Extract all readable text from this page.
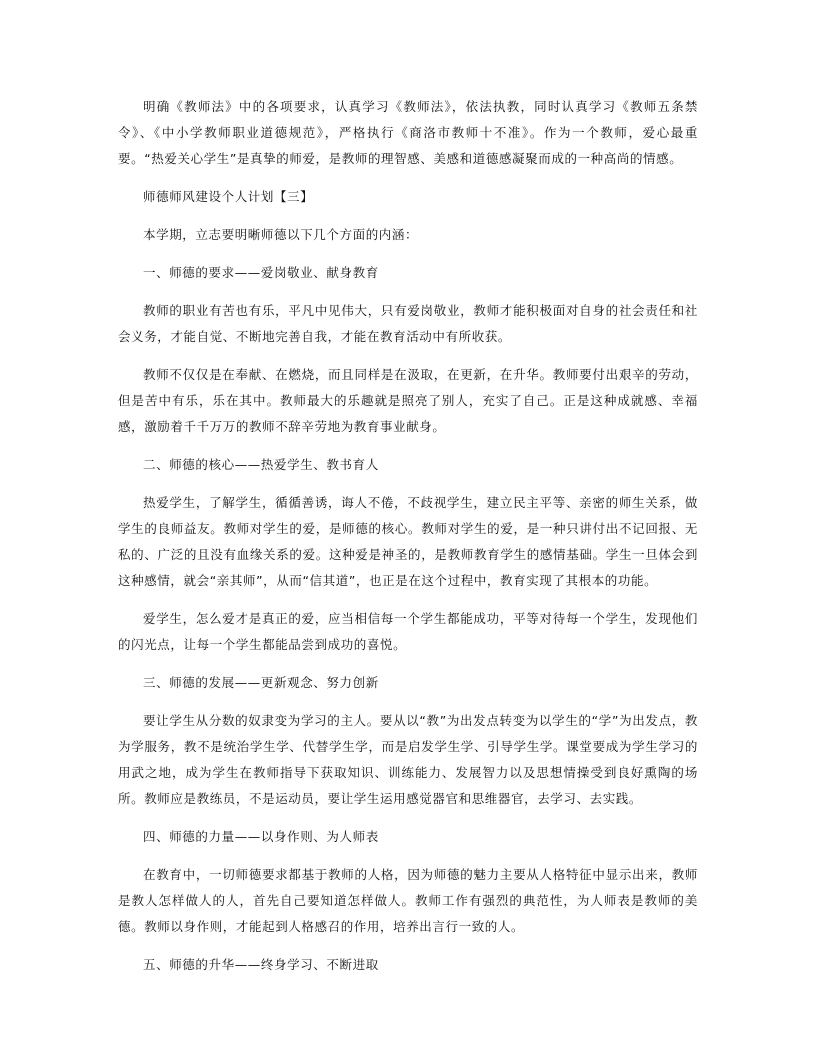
明确《教师法》中的各项要求，认真学习《教师法》，依法执教，同时认真学习《教师五条禁令》、《中小学教师职业道德规范》，严格执行《商洛市教师十不准》。作为一个教师，爱心最重要。“热爱关心学生”是真挚的师爱，是教师的理智感、美感和道德感凝聚而成的一种高尚的情感。

师德师风建设个人计划【三】

本学期，立志要明晰师德以下几个方面的内涵：

一、师德的要求——爱岗敬业、献身教育

教师的职业有苦也有乐，平凡中见伟大，只有爱岗敬业，教师才能积极面对自身的社会责任和社会义务，才能自觉、不断地完善自我，才能在教育活动中有所收获。

教师不仅仅是在奉献、在燃烧，而且同样是在汲取，在更新，在升华。教师要付出艰辛的劳动，但是苦中有乐，乐在其中。教师最大的乐趣就是照亮了别人，充实了自己。正是这种成就感、幸福感，激励着千千万万的教师不辞辛劳地为教育事业献身。

二、师德的核心——热爱学生、教书育人

热爱学生，了解学生，循循善诱，诲人不倦，不歧视学生，建立民主平等、亲密的师生关系，做学生的良师益友。教师对学生的爱，是师德的核心。教师对学生的爱，是一种只讲付出不记回报、无私的、广泛的且没有血缘关系的爱。这种爱是神圣的，是教师教育学生的感情基础。学生一旦体会到这种感情，就会“亲其师”，从而“信其道”，也正是在这个过程中，教育实现了其根本的功能。

爱学生，怎么爱才是真正的爱，应当相信每一个学生都能成功，平等对待每一个学生，发现他们的闪光点，让每一个学生都能品尝到成功的喜悦。

三、师德的发展——更新观念、努力创新

要让学生从分数的奴隶变为学习的主人。要从以“教”为出发点转变为以学生的“学”为出发点，教为学服务，教不是统治学生学、代替学生学，而是启发学生学、引导学生学。课堂要成为学生学习的用武之地，成为学生在教师指导下获取知识、训练能力、发展智力以及思想情操受到良好熏陶的场所。教师应是教练员，不是运动员，要让学生运用感觉器官和思维器官，去学习、去实践。

四、师德的力量——以身作则、为人师表

在教育中，一切师德要求都基于教师的人格，因为师德的魅力主要从人格特征中显示出来，教师是教人怎样做人的人，首先自己要知道怎样做人。教师工作有强烈的典范性，为人师表是教师的美德。教师以身作则，才能起到人格感召的作用，培养出言行一致的人。

五、师德的升华——终身学习、不断进取
